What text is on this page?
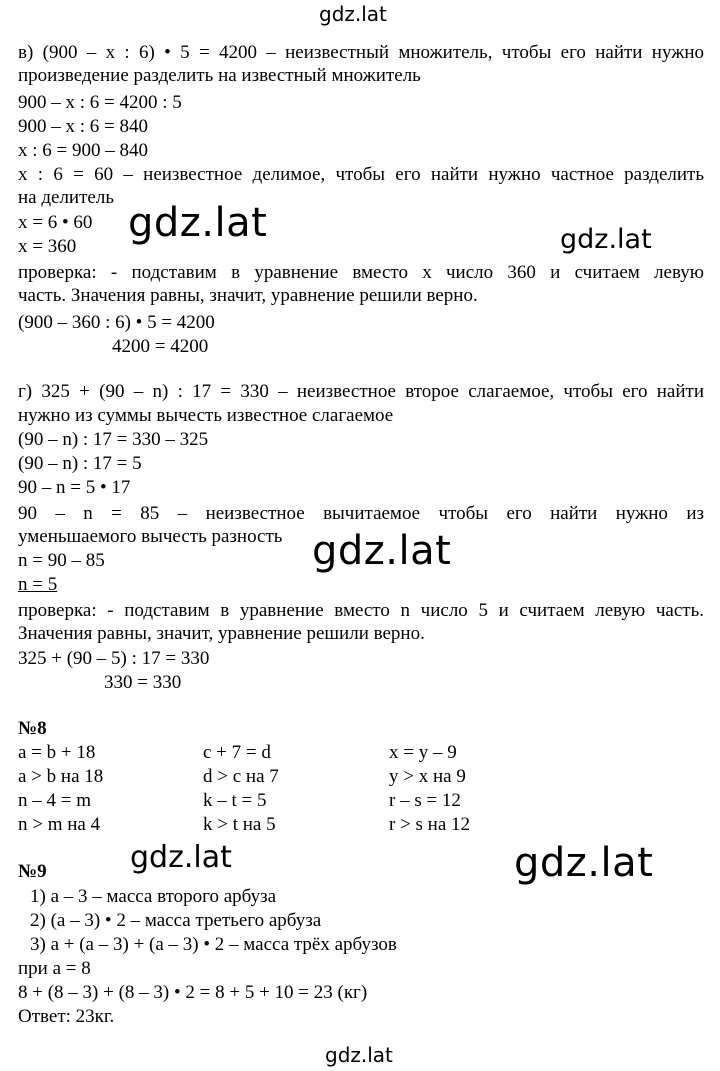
gdz.lat
gdz.lat	gdz.lat
gdz.lat
gdz.lat	gdz.lat
gdz.lat
в) (900 – x : 6) • 5 = 4200 – неизвестный множитель, чтобы его найти нужно
произведение разделить на известный множитель
900 – x : 6 = 4200 : 5
900 – x : 6 = 840
x : 6 = 900 – 840
x : 6 = 60 – неизвестное делимое, чтобы его найти нужно частное разделить
на делитель
x = 6 • 60
x = 360
проверка: - подставим в уравнение вместо x число 360 и считаем левую
часть. Значения равны, значит, уравнение решили верно.
(900 – 360 : 6) • 5 = 4200
4200 = 4200
г) 325 + (90 – n) : 17 = 330 – неизвестное второе слагаемое, чтобы его найти
нужно из суммы вычесть известное слагаемое
(90 – n) : 17 = 330 – 325
(90 – n) : 17 = 5
90 – n = 5 • 17
90 – n = 85 – неизвестное вычитаемое чтобы его найти нужно из
уменьшаемого вычесть разность
n = 90 – 85
n = 5
проверка: - подставим в уравнение вместо n число 5 и считаем левую часть.
Значения равны, значит, уравнение решили верно.
325 + (90 – 5) : 17 = 330
330 = 330
№8
a = b + 18	c + 7 = d	x = y – 9
a > b на 18	d > c на 7	y > x на 9
n – 4 = m	k – t = 5	r – s = 12
n > m на 4	k > t на 5	r > s на 12
№9
1) a – 3 – масса второго арбуза
2) (a – 3) • 2 – масса третьего арбуза
3) a + (a – 3) + (a – 3) • 2 – масса трёх арбузов
при a = 8
8 + (8 – 3) + (8 – 3) • 2 = 8 + 5 + 10 = 23 (кг)
Ответ: 23кг.
